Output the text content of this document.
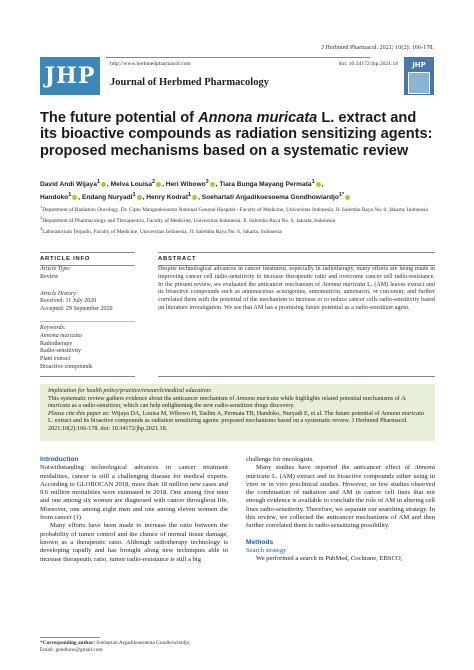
J Herbmed Pharmacol. 2021; 10(2): 166-178.
JHP	http://www.herbmedpharmacol.com	doi: 10.34172/jhp.2021.18
Journal of Herbmed Pharmacology
JHP
The future potential of Annona muricata L. extract and its bioactive compounds as radiation sensitizing agents: proposed mechanisms based on a systematic review
David Andi Wijaya$^1$ , Melva Louisa$^2$ , Heri Wibowo$^3$ , Tiara Bunga Mayang Permata$^1$ ,
Handoko$^1$ , Endang Nuryadi$^1$ , Henry Kodrat$^1$ , Soehartati Argadikoesoema Gondhowiardjo$^{1*}$
$^1$Department of Radiation Oncology, Dr. Cipto Mangunkusumo National General Hospital - Faculty of Medicine, Universitas Indonesia, Jl. Salemba Raya No. 6, Jakarta, Indonesia
$^2$Department of Pharmacology and Therapeutics, Faculty of Medicine, Universitas Indonesia, Jl. Salemba Raya No. 6, Jakarta, Indonesia
$^3$Laboratorium Terpadu, Faculty of Medicine, Universitas Indonesia, Jl. Salemba Raya No. 6, Jakarta, Indonesia
ARTICLE INFO	ABSTRACT
Article Type:
Review
Article History:
Received: 11 July 2020
Accepted: 29 September 2020
Keywords:
Annona muricata
Radiotherapy
Radio-sensitivity
Plant extract
Bioactive compounds
Despite technological advances in cancer treatment, especially in radiotherapy, many efforts are being made in improving cancer cell radio-sensitivity to increase therapeutic ratio and overcome cancer cell radio-resistance. In the present review, we evaluated the anticancer mechanism of Annona muricata L. (AM) leaves extract and its bioactive compounds such as annonaceous acetogenins, annomuricin, annonacin, or curcumin; and further correlated them with the potential of the mechanism to increase or to reduce cancer cells radio-sensitivity based on literature investigation. We see that AM has a promising future potential as a radio-sensitizer agent.
Implication for health policy/practice/research/medical education:
This systematic review gathers evidence about the anticancer mechanism of Annona muricata while highlights related potential mechanisms of A. muricata as a radio-sensitizer, which can help enlightening the new radio-sensitizer drugs discovery.
Please cite this paper as: Wijaya DA, Louisa M, Wibowo H, Taslim A, Permata TB, Handoko, Nuryadi E, et al. The future potential of Annona muricata L. extract and its bioactive compounds as radiation sensitizing agents: proposed mechanisms based on a systematic review. J Herbmed Pharmacol. 2021;10(2):166-178. doi: 10.34172/jhp.2021.18.
Introduction

Notwithstanding technological advances in cancer treatment modalities, cancer is still a challenging disease for medical experts. According to GLOBOCAN 2018, more than 18 million new cases and 9.6 million mortalities were estimated in 2018. One among five men and one among six women are diagnosed with cancer throughout life. Moreover, one among eight men and one among eleven women die from cancer (1).

Many efforts have been made to increase the ratio between the probability of tumor control and the chance of normal tissue damage, known as a therapeutic ratio. Although radiotherapy technology is developing rapidly and has brought along new techniques able to increase therapeutic ratio, tumor radio-resistance is still a big

challenge for oncologists.

Many studies have reported the anticancer effect of Annona muricata L. (AM) extract and its bioactive compounds either using in vitro or in vivo preclinical studies. However, so few studies observed the combination of radiation and AM in cancer cell lines that not enough evidence is available to conclude the role of AM in altering cell lines radio-sensitivity. Therefore, we separate our searching strategy. In this review, we collected the anticancer mechanisms of AM and then further correlated them to radio-sensitizing possibility.

Methods
Search strategy

We performed a search in PubMed, Cochrane, EBSCO,

*Corresponding author: Soehartati Argadikoesoema Gondhowiardjo,
Email: gondhow@gmail.com
